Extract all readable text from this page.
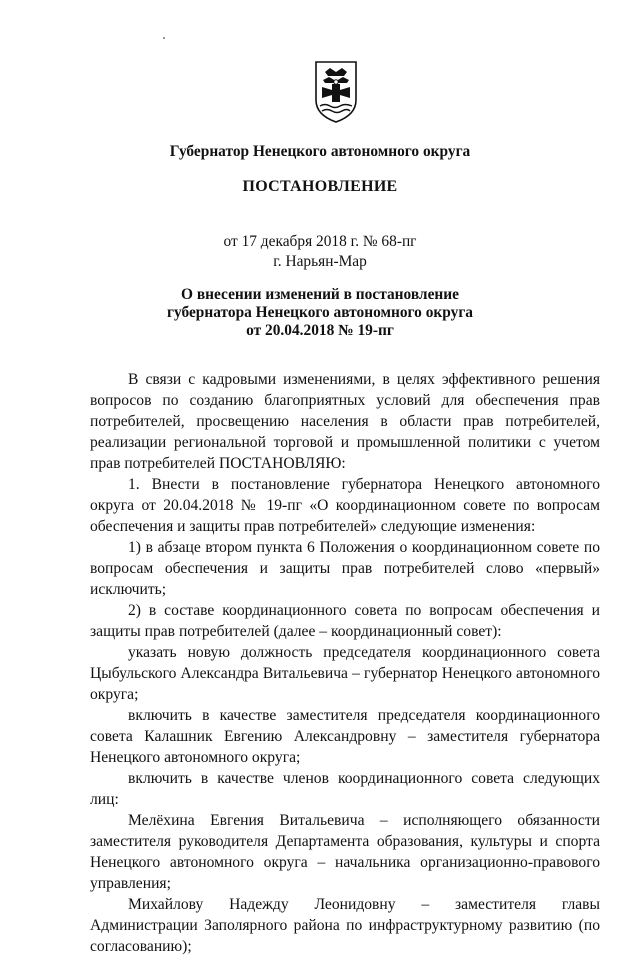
Губернатор Ненецкого автономного округа
ПОСТАНОВЛЕНИЕ
от 17 декабря 2018 г. № 68-пг
г. Нарьян-Мар
О внесении изменений в постановление
губернатора Ненецкого автономного округа
от 20.04.2018 № 19-пг

В связи с кадровыми изменениями, в целях эффективного решения вопросов по созданию благоприятных условий для обеспечения прав потребителей, просвещению населения в области прав потребителей, реализации региональной торговой и промышленной политики с учетом прав потребителей ПОСТАНОВЛЯЮ:

1. Внести в постановление губернатора Ненецкого автономного округа от 20.04.2018 № 19-пг «О координационном совете по вопросам обеспечения и защиты прав потребителей» следующие изменения:

1) в абзаце втором пункта 6 Положения о координационном совете по вопросам обеспечения и защиты прав потребителей слово «первый» исключить;

2) в составе координационного совета по вопросам обеспечения и защиты прав потребителей (далее – координационный совет):

указать новую должность председателя координационного совета Цыбульского Александра Витальевича – губернатор Ненецкого автономного округа;

включить в качестве заместителя председателя координационного совета Калашник Евгению Александровну – заместителя губернатора Ненецкого автономного округа;

включить в качестве членов координационного совета следующих лиц:

Мелёхина Евгения Витальевича – исполняющего обязанности заместителя руководителя Департамента образования, культуры и спорта Ненецкого автономного округа – начальника организационно-правового управления;

Михайлову Надежду Леонидовну – заместителя главы Администрации Заполярного района по инфраструктурному развитию (по согласованию);
